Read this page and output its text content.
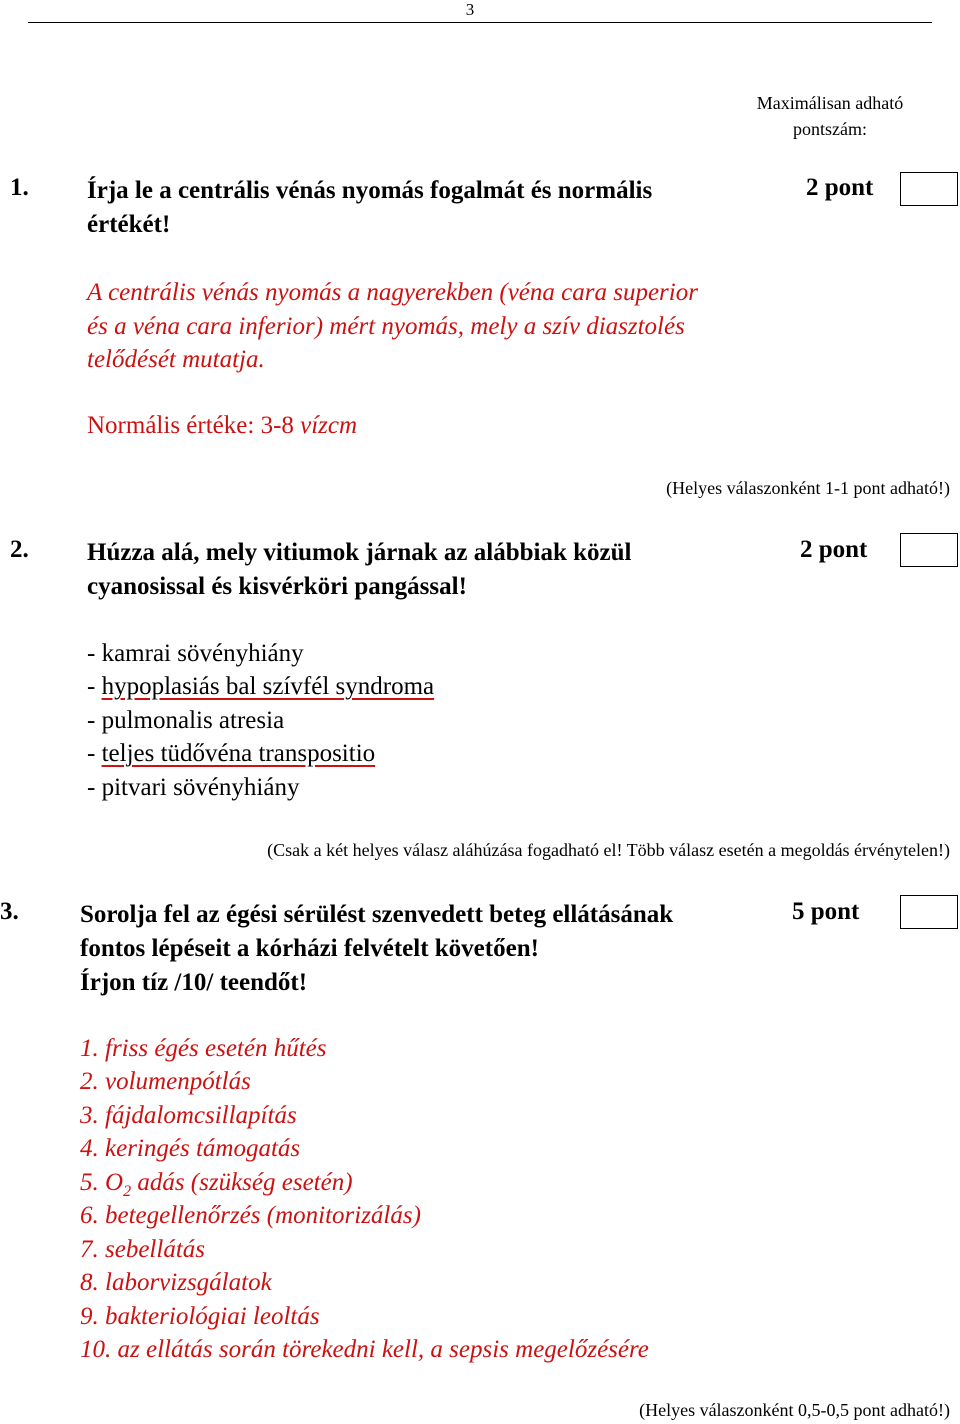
3
Maximálisan adható pontszám:
1. Írja le a centrális vénás nyomás fogalmát és normális
értékét!
2 pont
A centrális vénás nyomás a nagyerekben (véna cara superior
és a véna cara inferior) mért nyomás, mely a szív diasztolés
telődését mutatja.
Normális értéke: 3-8 vízcm
(Helyes válaszonként 1-1 pont adható!)
2. Húzza alá, mely vitiumok járnak az alábbiak közül
cyanosissal és kisvérköri pangással!
2 pont
- kamrai sövényhiány
- hypoplasiás bal szívfél syndroma
- pulmonalis atresia
- teljes tüdővéna transpositio
- pitvari sövényhiány
(Csak a két helyes válasz aláhúzása fogadható el! Több válasz esetén a megoldás érvénytelen!)
3. Sorolja fel az égési sérülést szenvedett beteg ellátásának
fontos lépéseit a kórházi felvételt követően!
Írjon tíz /10/ teendőt!
5 pont
1. friss égés esetén hűtés
2. volumenpótlás
3. fájdalomcsillapítás
4. keringés támogatás
5. $O_2$ adás (szükség esetén)
6. betegellenőrzés (monitorizálás)
7. sebellátás
8. laborvizsgálatok
9. bakteriológiai leoltás
10. az ellátás során törekedni kell, a sepsis megelőzésére
(Helyes válaszonként 0,5-0,5 pont adható!)
